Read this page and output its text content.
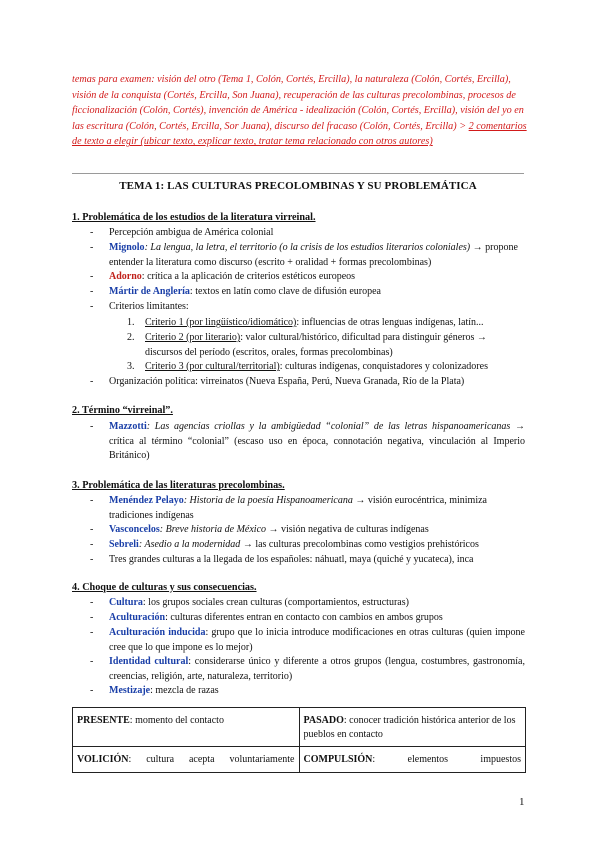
temas para examen: visión del otro (Tema 1, Colón, Cortés, Ercilla), la naturaleza (Colón, Cortés, Ercilla), visión de la conquista (Cortés, Ercilla, Son Juana), recuperación de las culturas precolombinas, procesos de ficcionalización (Colón, Cortés), invención de América - idealización (Colón, Cortés, Ercilla), visión del yo en las escritura (Colón, Cortés, Ercilla, Sor Juana), discurso del fracaso (Colón, Cortés, Ercilla) > 2 comentarios de texto a elegir (ubicar texto, explicar texto, tratar tema relacionado con otros autores)
TEMA 1: LAS CULTURAS PRECOLOMBINAS Y SU PROBLEMÁTICA
1. Problemática de los estudios de la literatura virreinal.
- Percepción ambigua de América colonial
- Mignolo: La lengua, la letra, el territorio (o la crisis de los estudios literarios coloniales) → propone entender la literatura como discurso (escrito + oralidad + formas precolombinas)
- Adorno: crítica a la aplicación de criterios estéticos europeos
- Mártir de Anglería: textos en latín como clave de difusión europea
- Criterios limitantes:
1. Criterio 1 (por lingüístico/idiomático): influencias de otras lenguas indígenas, latín...
2. Criterio 2 (por literario): valor cultural/histórico, dificultad para distinguir géneros → discursos del período (escritos, orales, formas precolombinas)
3. Criterio 3 (por cultural/territorial): culturas indígenas, conquistadores y colonizadores
- Organización política: virreinatos (Nueva España, Perú, Nueva Granada, Río de la Plata)
2. Término “virreinal”.
- Mazzotti: Las agencias criollas y la ambigüedad “colonial” de las letras hispanoamericanas → crítica al término “colonial” (escaso uso en época, connotación negativa, vinculación al Imperio Británico)
3. Problemática de las literaturas precolombinas.
- Menéndez Pelayo: Historia de la poesía Hispanoamericana → visión eurocéntrica, minimiza tradiciones indígenas
- Vasconcelos: Breve historia de México → visión negativa de culturas indígenas
- Sebreli: Asedio a la modernidad → las culturas precolombinas como vestigios prehistóricos
- Tres grandes culturas a la llegada de los españoles: náhuatl, maya (quiché y yucateca), inca
4. Choque de culturas y sus consecuencias.
- Cultura: los grupos sociales crean culturas (comportamientos, estructuras)
- Aculturación: culturas diferentes entran en contacto con cambios en ambos grupos
- Aculturación inducida: grupo que lo inicia introduce modificaciones en otras culturas (quien impone cree que lo que impone es lo mejor)
- Identidad cultural: considerarse único y diferente a otros grupos (lengua, costumbres, gastronomía, creencias, religión, arte, naturaleza, territorio)
- Mestizaje: mezcla de razas
PRESENTE: momento del contacto	PASADO: conocer tradición histórica anterior de los pueblos en contacto
VOLICIÓN: cultura acepta voluntariamente	COMPULSIÓN: elementos impuestos
1
